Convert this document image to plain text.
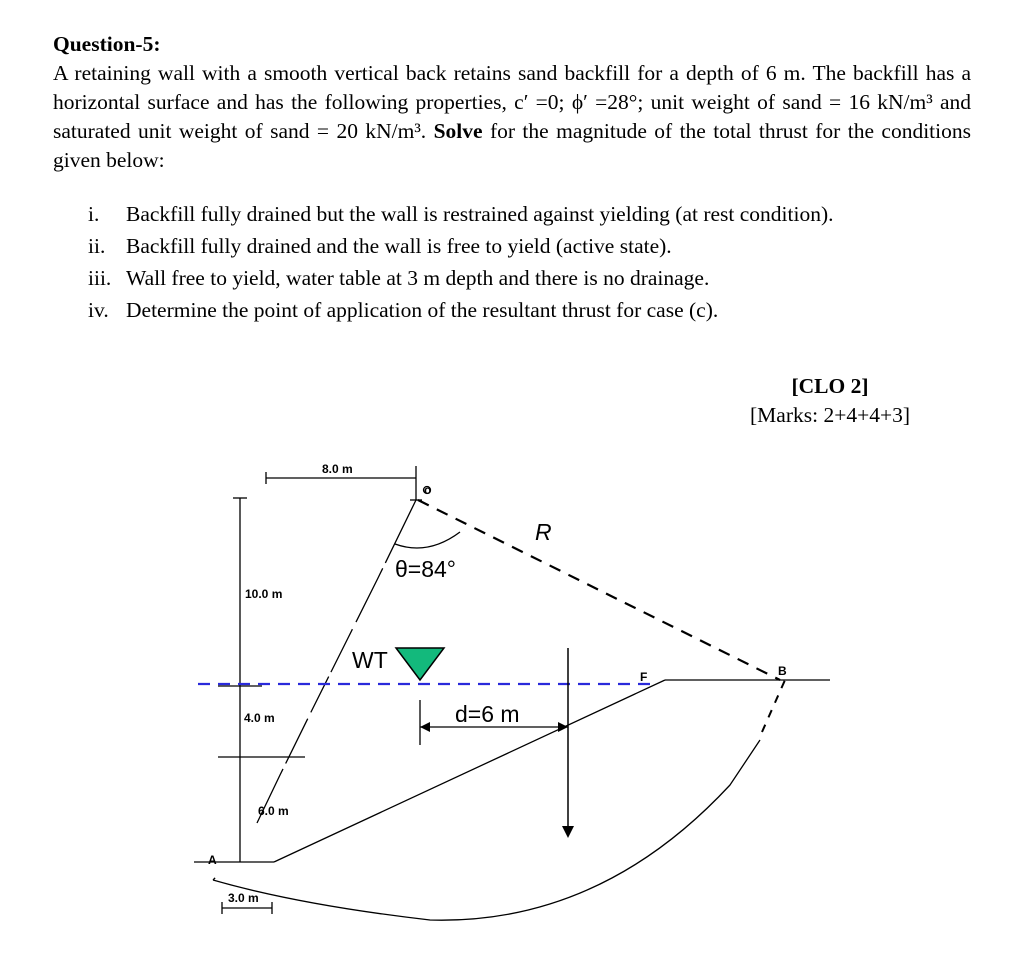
Question-5:
A retaining wall with a smooth vertical back retains sand backfill for a depth of 6 m. The backfill has a horizontal surface and has the following properties, c′ =0; ϕ′ =28°; unit weight of sand = 16 kN/m³ and saturated unit weight of sand = 20 kN/m³. Solve for the magnitude of the total thrust for the conditions given below:
i.	Backfill fully drained but the wall is restrained against yielding (at rest condition).
ii. Backfill fully drained and the wall is free to yield (active state).
iii. Wall free to yield, water table at 3 m depth and there is no drainage.
iv. Determine the point of application of the resultant thrust for case (c).
[CLO 2]
[Marks: 2+4+4+3]
8.0 m
10.0 m
4.0 m
6.0 m
3.0 m
o
WT
d=6 m
θ=84°
R
A
B
F
